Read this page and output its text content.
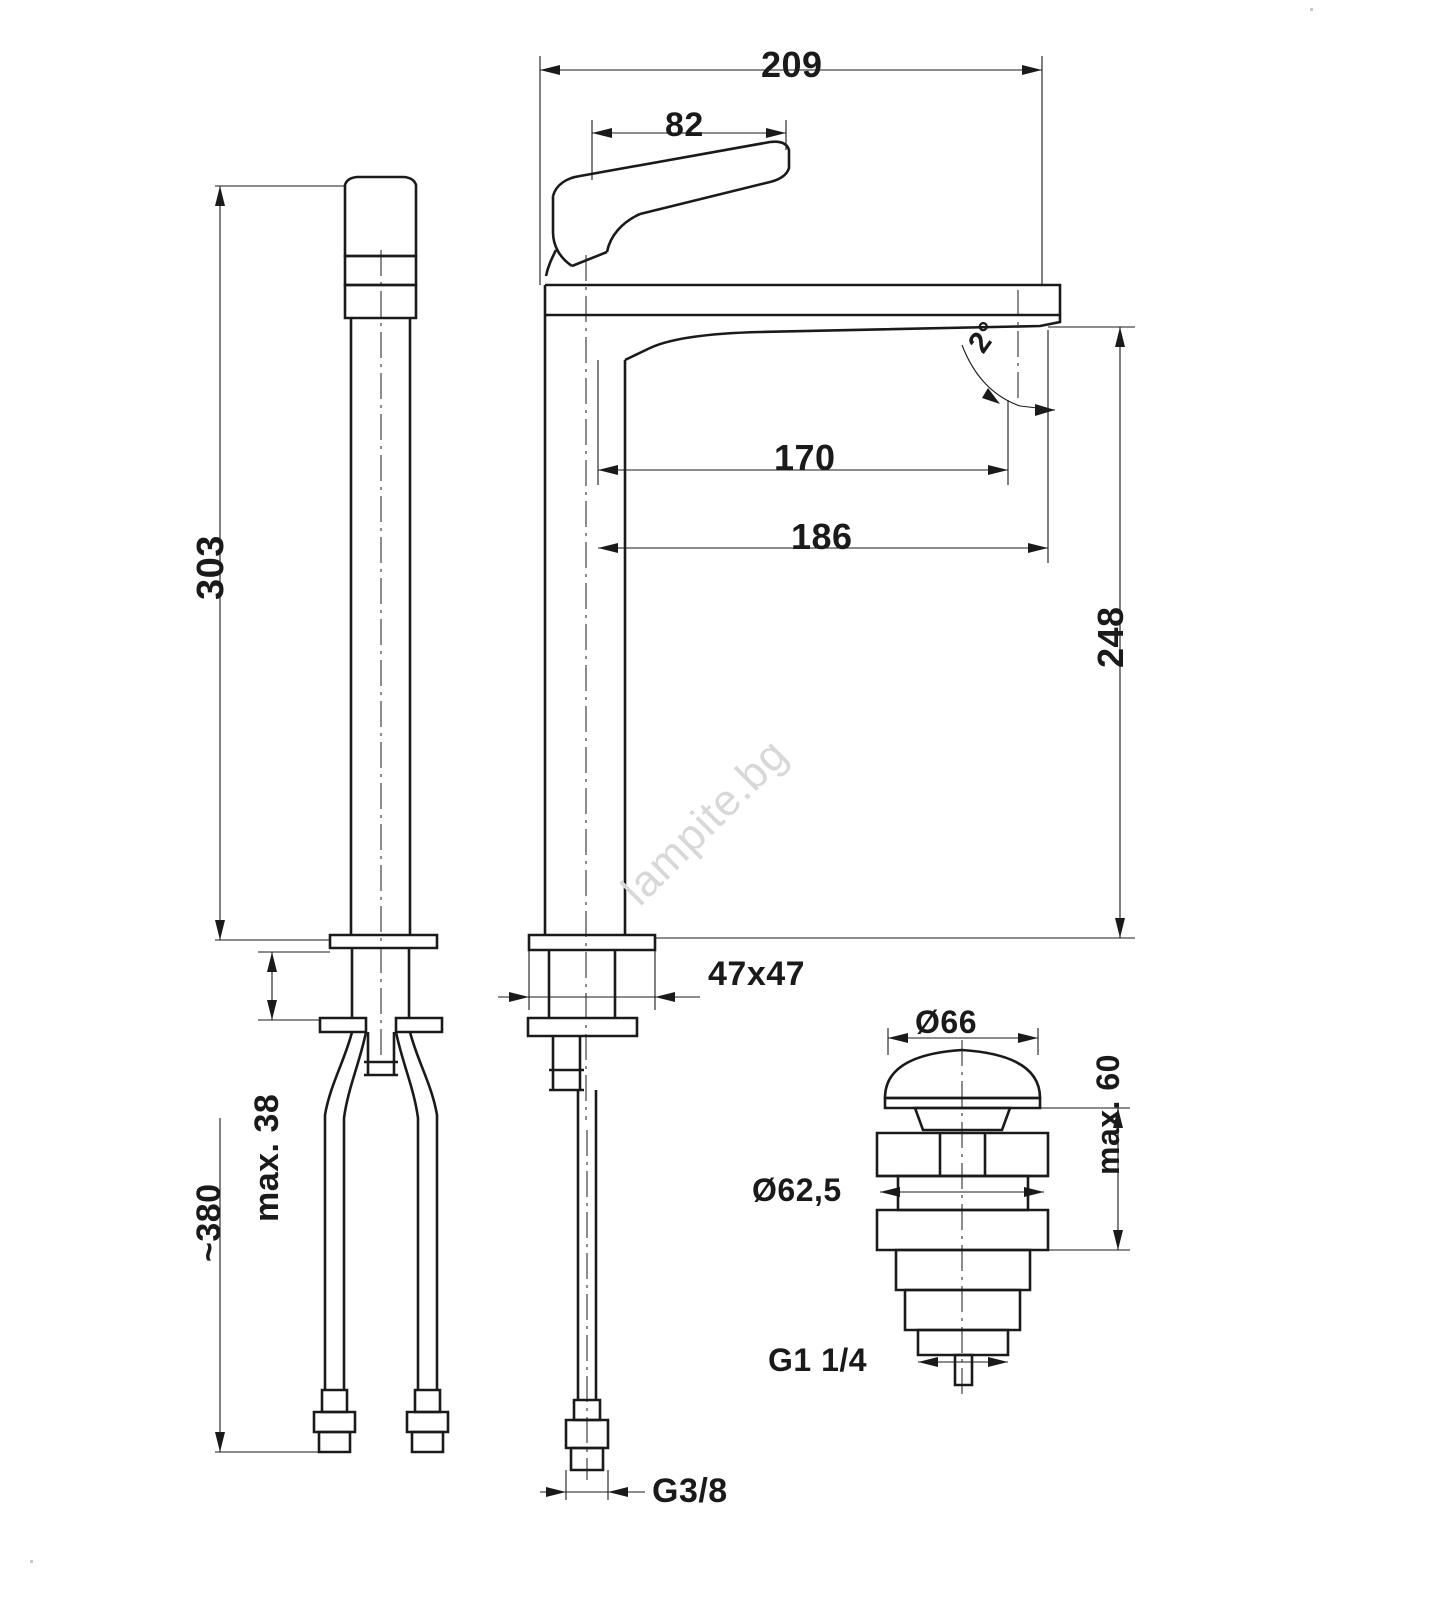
209
82
170
186
248
2°
47x47
G3/8
303
max. 38
~380
Ø66
Ø62,5
max. 60
G1 1/4
lampite.bg
